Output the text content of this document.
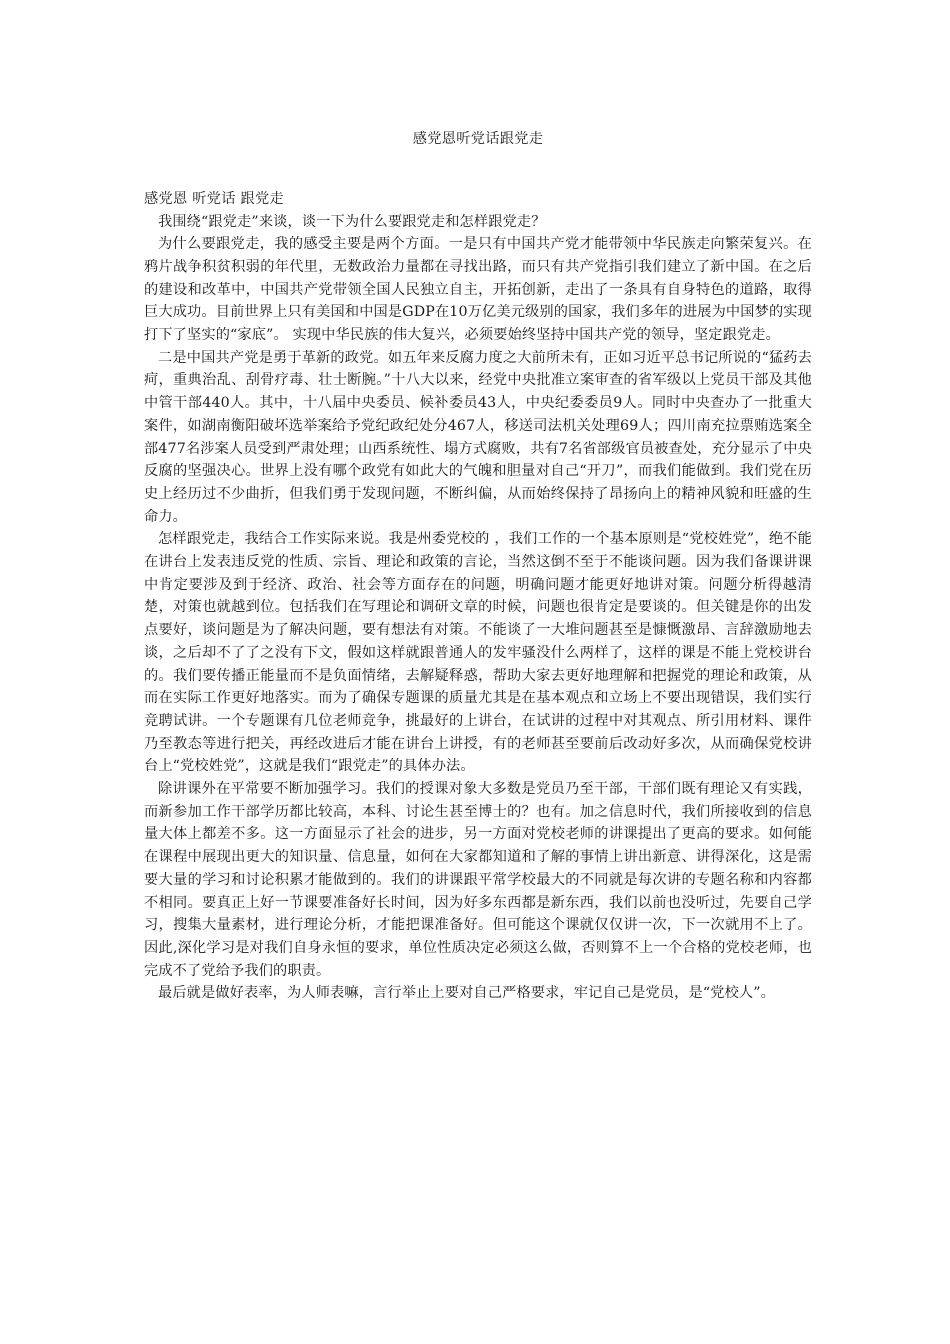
感党恩听党话跟党走
感党恩 听党话 跟党走

我围绕“跟党走”来谈，谈一下为什么要跟党走和怎样跟党走？

为什么要跟党走，我的感受主要是两个方面。一是只有中国共产党才能带领中华民族走向繁荣复兴。在鸦片战争积贫积弱的年代里，无数政治力量都在寻找出路，而只有共产党指引我们建立了新中国。在之后的建设和改革中，中国共产党带领全国人民独立自主，开拓创新，走出了一条具有自身特色的道路，取得巨大成功。目前世界上只有美国和中国是GDP在10万亿美元级别的国家，我们多年的进展为中国梦的实现打下了坚实的“家底”。 实现中华民族的伟大复兴，必须要始终坚持中国共产党的领导，坚定跟党走。

二是中国共产党是勇于革新的政党。如五年来反腐力度之大前所未有，正如习近平总书记所说的“猛药去疴，重典治乱、刮骨疗毒、壮士断腕。”十八大以来，经党中央批准立案审查的省军级以上党员干部及其他中管干部440人。其中，十八届中央委员、候补委员43人，中央纪委委员9人。同时中央查办了一批重大案件，如湖南衡阳破坏选举案给予党纪政纪处分467人，移送司法机关处理69人；四川南充拉票贿选案全部477名涉案人员受到严肃处理；山西系统性、塌方式腐败，共有7名省部级官员被查处，充分显示了中央反腐的坚强决心。世界上没有哪个政党有如此大的气魄和胆量对自己“开刀”，而我们能做到。我们党在历史上经历过不少曲折，但我们勇于发现问题，不断纠偏，从而始终保持了昂扬向上的精神风貌和旺盛的生命力。

怎样跟党走，我结合工作实际来说。我是州委党校的 ，我们工作的一个基本原则是“党校姓党”，绝不能在讲台上发表违反党的性质、宗旨、理论和政策的言论，当然这倒不至于不能谈问题。因为我们备课讲课中肯定要涉及到于经济、政治、社会等方面存在的问题，明确问题才能更好地讲对策。问题分析得越清楚，对策也就越到位。包括我们在写理论和调研文章的时候，问题也很肯定是要谈的。但关键是你的出发点要好，谈问题是为了解决问题，要有想法有对策。不能谈了一大堆问题甚至是慷慨激昂、言辞激励地去谈，之后却不了了之没有下文，假如这样就跟普通人的发牢骚没什么两样了，这样的课是不能上党校讲台的。我们要传播正能量而不是负面情绪，去解疑释惑，帮助大家去更好地理解和把握党的理论和政策，从而在实际工作更好地落实。而为了确保专题课的质量尤其是在基本观点和立场上不要出现错误，我们实行竞聘试讲。一个专题课有几位老师竞争，挑最好的上讲台，在试讲的过程中对其观点、所引用材料、课件乃至教态等进行把关，再经改进后才能在讲台上讲授，有的老师甚至要前后改动好多次，从而确保党校讲台上“党校姓党”，这就是我们“跟党走”的具体办法。

除讲课外在平常要不断加强学习。我们的授课对象大多数是党员乃至干部，干部们既有理论又有实践，而新参加工作干部学历都比较高，本科、讨论生甚至博士的？也有。加之信息时代，我们所接收到的信息量大体上都差不多。这一方面显示了社会的进步，另一方面对党校老师的讲课提出了更高的要求。如何能在课程中展现出更大的知识量、信息量，如何在大家都知道和了解的事情上讲出新意、讲得深化，这是需要大量的学习和讨论积累才能做到的。我们的讲课跟平常学校最大的不同就是每次讲的专题名称和内容都不相同。要真正上好一节课要准备好长时间，因为好多东西都是新东西，我们以前也没听过，先要自己学习，搜集大量素材，进行理论分析，才能把课准备好。但可能这个课就仅仅讲一次，下一次就用不上了。因此,深化学习是对我们自身永恒的要求，单位性质决定必须这么做，否则算不上一个合格的党校老师，也完成不了党给予我们的职责。

最后就是做好表率，为人师表嘛，言行举止上要对自己严格要求，牢记自己是党员，是“党校人”。
